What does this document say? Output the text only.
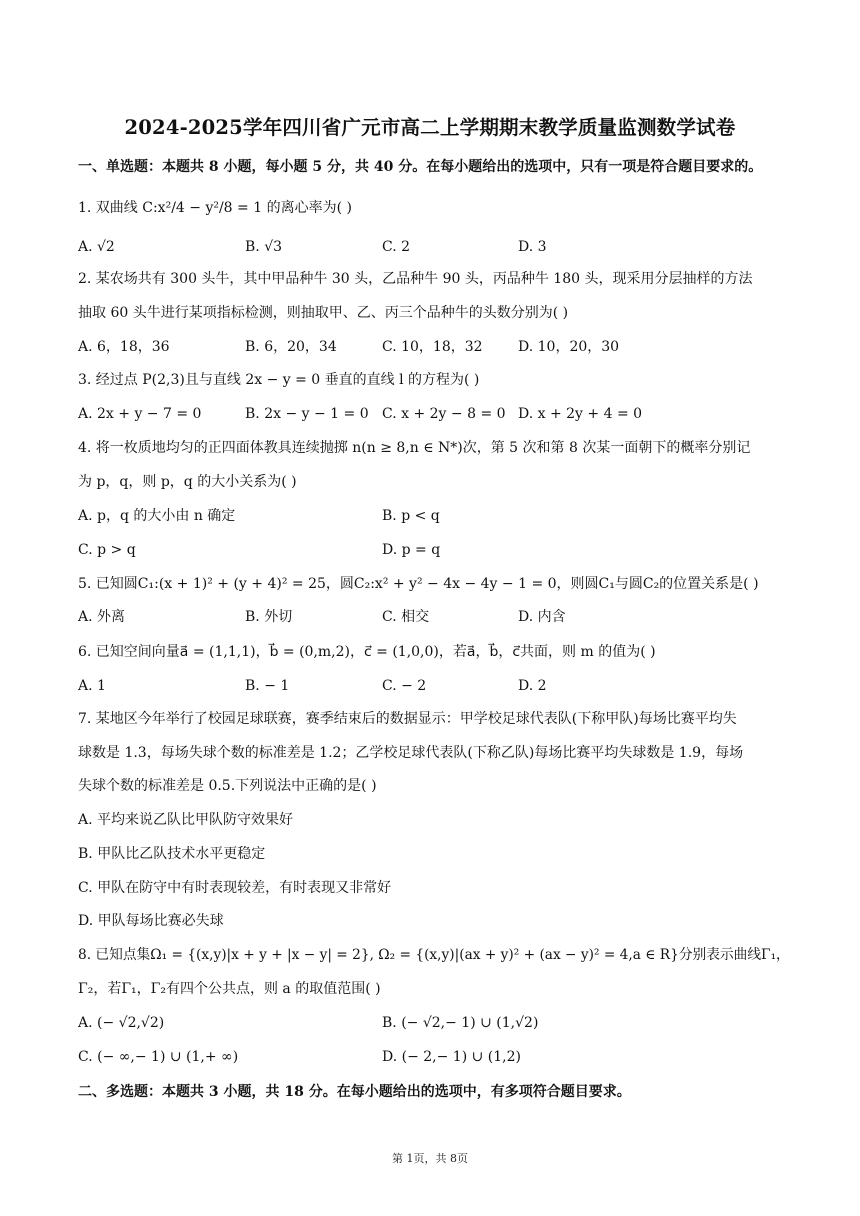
2024-2025学年四川省广元市高二上学期期末教学质量监测数学试卷
一、单选题：本题共 8 小题，每小题 5 分，共 40 分。在每小题给出的选项中，只有一项是符合题目要求的。
1. 双曲线 C:x²/4 − y²/8 = 1 的离心率为( )
A. √2	B. √3	C. 2	D. 3
2. 某农场共有 300 头牛，其中甲品种牛 30 头，乙品种牛 90 头，丙品种牛 180 头，现采用分层抽样的方法
抽取 60 头牛进行某项指标检测，则抽取甲、乙、丙三个品种牛的头数分别为( )
A. 6，18，36	B. 6，20，34	C. 10，18，32	D. 10，20，30
3. 经过点 P(2,3)且与直线 2x − y = 0 垂直的直线 l 的方程为( )
A. 2x + y − 7 = 0	B. 2x − y − 1 = 0 C. x + 2y − 8 = 0 D. x + 2y + 4 = 0
4. 将一枚质地均匀的正四面体教具连续抛掷 n(n ≥ 8,n ∈ N*)次，第 5 次和第 8 次某一面朝下的概率分别记
为 p，q，则 p，q 的大小关系为( )
A. p，q 的大小由 n 确定	B. p < q
C. p > q	D. p = q
5. 已知圆C₁:(x + 1)² + (y + 4)² = 25，圆C₂:x² + y² − 4x − 4y − 1 = 0，则圆C₁与圆C₂的位置关系是( )
A. 外离	B. 外切	C. 相交	D. 内含
6. 已知空间向量a⃗ = (1,1,1)，b⃗ = (0,m,2)，c⃗ = (1,0,0)，若a⃗，b⃗，c⃗共面，则 m 的值为( )
A. 1	B. − 1	C. − 2	D. 2
7. 某地区今年举行了校园足球联赛，赛季结束后的数据显示：甲学校足球代表队(下称甲队)每场比赛平均失
球数是 1.3，每场失球个数的标准差是 1.2；乙学校足球代表队(下称乙队)每场比赛平均失球数是 1.9，每场
失球个数的标准差是 0.5.下列说法中正确的是( )
A. 平均来说乙队比甲队防守效果好
B. 甲队比乙队技术水平更稳定
C. 甲队在防守中有时表现较差，有时表现又非常好
D. 甲队每场比赛必失球
8. 已知点集Ω₁ = {(x,y)|x + y + |x − y| = 2}, Ω₂ = {(x,y)|(ax + y)² + (ax − y)² = 4,a ∈ R}分别表示曲线Γ₁，
Γ₂，若Γ₁，Γ₂有四个公共点，则 a 的取值范围( )
A. (− √2,√2)	B. (− √2,− 1) ∪ (1,√2)
C. (− ∞,− 1) ∪ (1,+ ∞)	D. (− 2,− 1) ∪ (1,2)
二、多选题：本题共 3 小题，共 18 分。在每小题给出的选项中，有多项符合题目要求。
第 1页，共 8页
